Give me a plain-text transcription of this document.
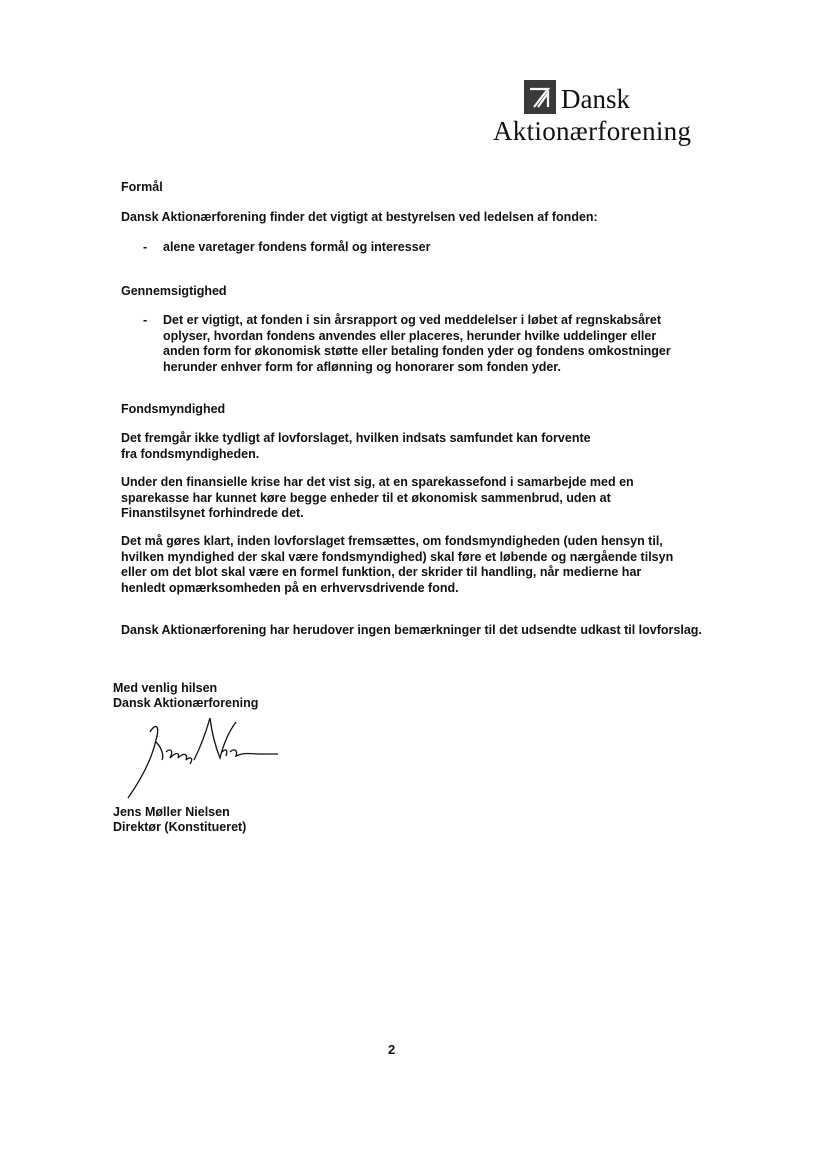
Dansk
Aktionærforening
Formål
Dansk Aktionærforening finder det vigtigt at bestyrelsen ved ledelsen af fonden:
- alene varetager fondens formål og interesser
Gennemsigtighed
- Det er vigtigt, at fonden i sin årsrapport og ved meddelelser i løbet af regnskabsåret oplyser, hvordan fondens anvendes eller placeres, herunder hvilke uddelinger eller anden form for økonomisk støtte eller betaling fonden yder og fondens omkostninger herunder enhver form for aflønning og honorarer som fonden yder.
Fondsmyndighed
Det fremgår ikke tydligt af lovforslaget, hvilken indsats samfundet kan forvente fra fondsmyndigheden.
Under den finansielle krise har det vist sig, at en sparekassefond i samarbejde med en sparekasse har kunnet køre begge enheder til et økonomisk sammenbrud, uden at Finanstilsynet forhindrede det.
Det må gøres klart, inden lovforslaget fremsættes, om fondsmyndigheden (uden hensyn til, hvilken myndighed der skal være fondsmyndighed) skal føre et løbende og nærgående tilsyn eller om det blot skal være en formel funktion, der skrider til handling, når medierne har henledt opmærksomheden på en erhvervsdrivende fond.
Dansk Aktionærforening har herudover ingen bemærkninger til det udsendte udkast til lovforslag.
Med venlig hilsen
Dansk Aktionærforening
Jens Møller Nielsen
Direktør (Konstitueret)
2
